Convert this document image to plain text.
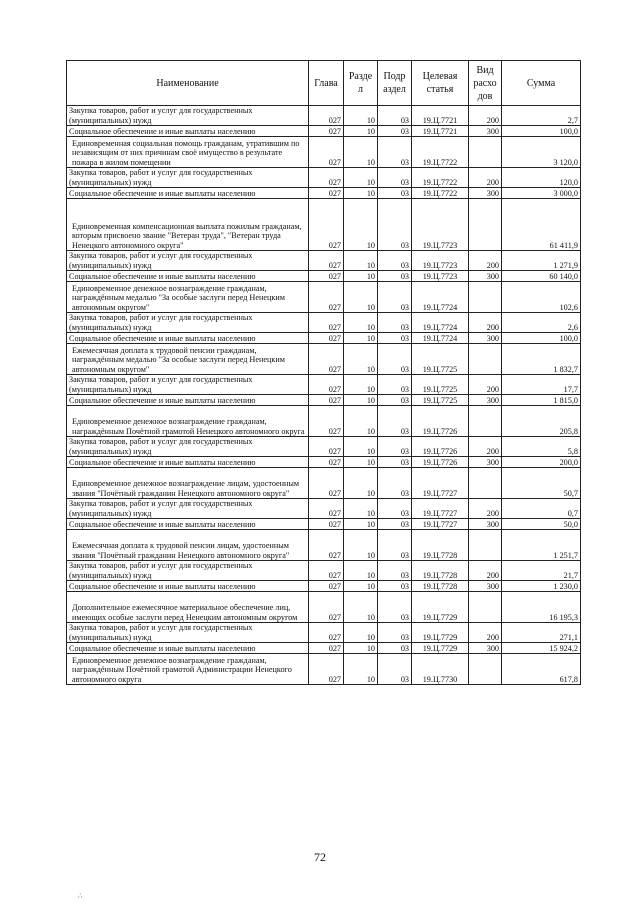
Наименование	Глава	Разде л	Подр аздел	Целевая статья	Вид расхо дов	Сумма
Закупка товаров, работ и услуг для государственных (муниципальных) нужд	027	10	03	19.Ц.7721	200	2,7
Социальное обеспечение и иные выплаты населению	027	10	03	19.Ц.7721	300	100,0
Единовременная социальная помощь гражданам, утратившим по независящим от них причинам своё имущество в результате пожара в жилом помещении	027	10	03	19.Ц.7722		3 120,0
Закупка товаров, работ и услуг для государственных (муниципальных) нужд	027	10	03	19.Ц.7722	200	120,0
Социальное обеспечение и иные выплаты населению	027	10	03	19.Ц.7722	300	3 000,0
Единовременная компенсационная выплата пожилым гражданам, которым присвоено звание "Ветеран труда", "Ветеран труда Ненецкого автономного округа"	027	10	03	19.Ц.7723		61 411,9
Закупка товаров, работ и услуг для государственных (муниципальных) нужд	027	10	03	19.Ц.7723	200	1 271,9
Социальное обеспечение и иные выплаты населению	027	10	03	19.Ц.7723	300	60 140,0
Единовременное денежное вознаграждение гражданам, награждённым медалью "За особые заслуги перед Ненецким автономным округом"	027	10	03	19.Ц.7724		102,6
Закупка товаров, работ и услуг для государственных (муниципальных) нужд	027	10	03	19.Ц.7724	200	2,6
Социальное обеспечение и иные выплаты населению	027	10	03	19.Ц.7724	300	100,0
Ежемесячная доплата к трудовой пенсии гражданам, награждённым медалью "За особые заслуги перед Ненецким автономным округом"	027	10	03	19.Ц.7725		1 832,7
Закупка товаров, работ и услуг для государственных (муниципальных) нужд	027	10	03	19.Ц.7725	200	17,7
Социальное обеспечение и иные выплаты населению	027	10	03	19.Ц.7725	300	1 815,0
Единовременное денежное вознаграждение гражданам, награждённым Почётной грамотой Ненецкого автономного округа	027	10	03	19.Ц.7726		205,8
Закупка товаров, работ и услуг для государственных (муниципальных) нужд	027	10	03	19.Ц.7726	200	5,8
Социальное обеспечение и иные выплаты населению	027	10	03	19.Ц.7726	300	200,0
Единовременное денежное вознаграждение лицам, удостоенным звания "Почётный гражданин Ненецкого автономного округа"	027	10	03	19.Ц.7727		50,7
Закупка товаров, работ и услуг для государственных (муниципальных) нужд	027	10	03	19.Ц.7727	200	0,7
Социальное обеспечение и иные выплаты населению	027	10	03	19.Ц.7727	300	50,0
Ежемесячная доплата к трудовой пенсии лицам, удостоенным звания "Почётный гражданин Ненецкого автономного округа"	027	10	03	19.Ц.7728		1 251,7
Закупка товаров, работ и услуг для государственных (муниципальных) нужд	027	10	03	19.Ц.7728	200	21,7
Социальное обеспечение и иные выплаты населению	027	10	03	19.Ц.7728	300	1 230,0
Дополнительное ежемесячное материальное обеспечение лиц, имеющих особые заслуги перед Ненецким автономным округом	027	10	03	19.Ц.7729		16 195,3
Закупка товаров, работ и услуг для государственных (муниципальных) нужд	027	10	03	19.Ц.7729	200	271,1
Социальное обеспечение и иные выплаты населению	027	10	03	19.Ц.7729	300	15 924,2
Единовременное денежное вознаграждение гражданам, награждённым Почётной грамотой Администрации Ненецкого автономного округа	027	10	03	19.Ц.7730		617,8
72
∴
